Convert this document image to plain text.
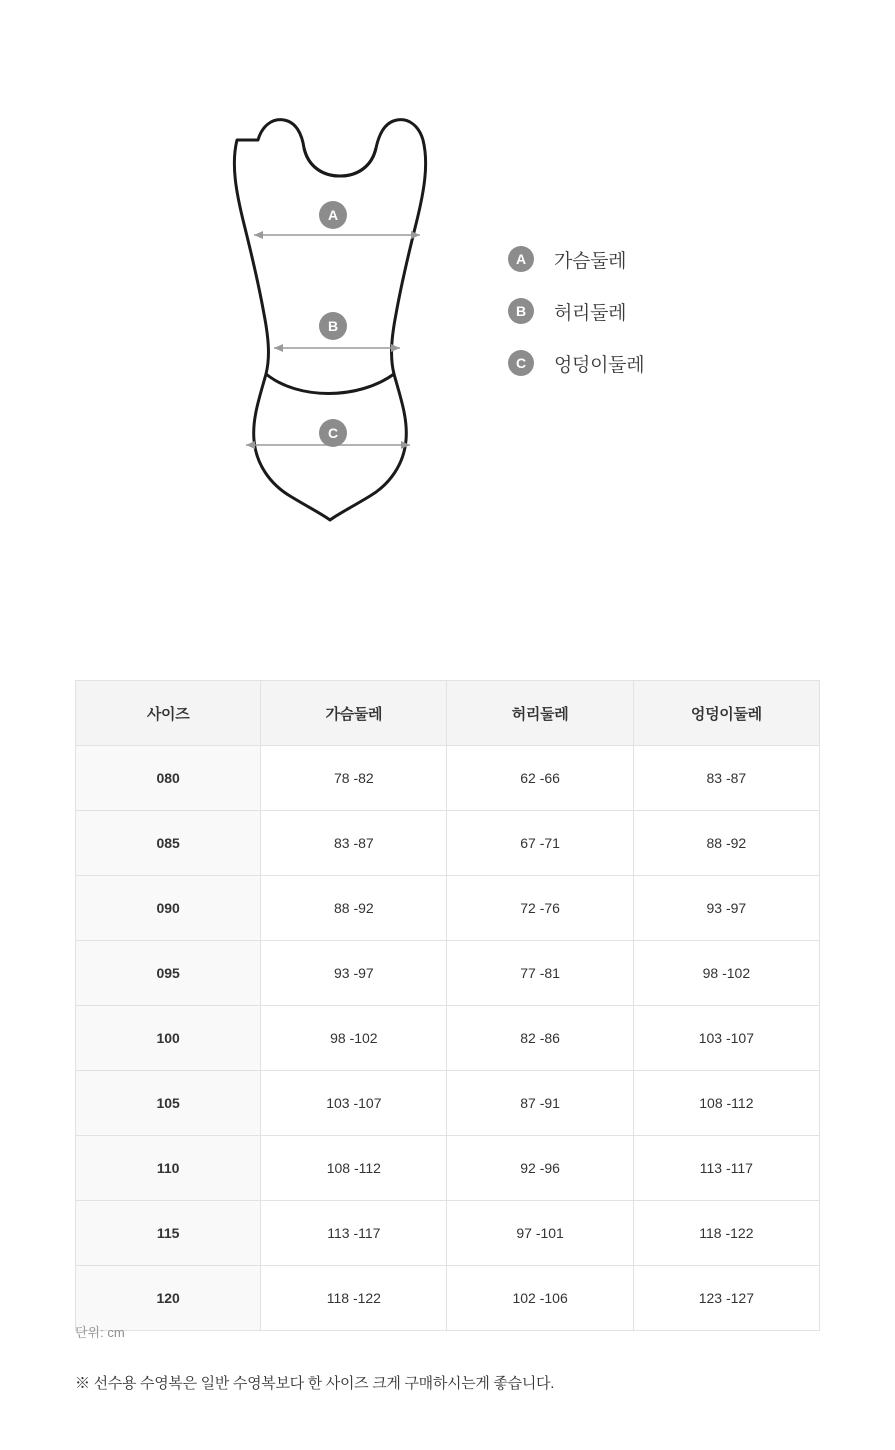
A
B
C
A	가슴둘레
B	허리둘레
C	엉덩이둘레
사이즈	가슴둘레	허리둘레	엉덩이둘레
080	78 -82	62 -66	83 -87
085	83 -87	67 -71	88 -92
090	88 -92	72 -76	93 -97
095	93 -97	77 -81	98 -102
100	98 -102	82 -86	103 -107
105	103 -107	87 -91	108 -112
110	108 -112	92 -96	113 -117
115	113 -117	97 -101	118 -122
120	118 -122	102 -106	123 -127
단위: cm
※ 선수용 수영복은 일반 수영복보다 한 사이즈 크게 구매하시는게 좋습니다.
